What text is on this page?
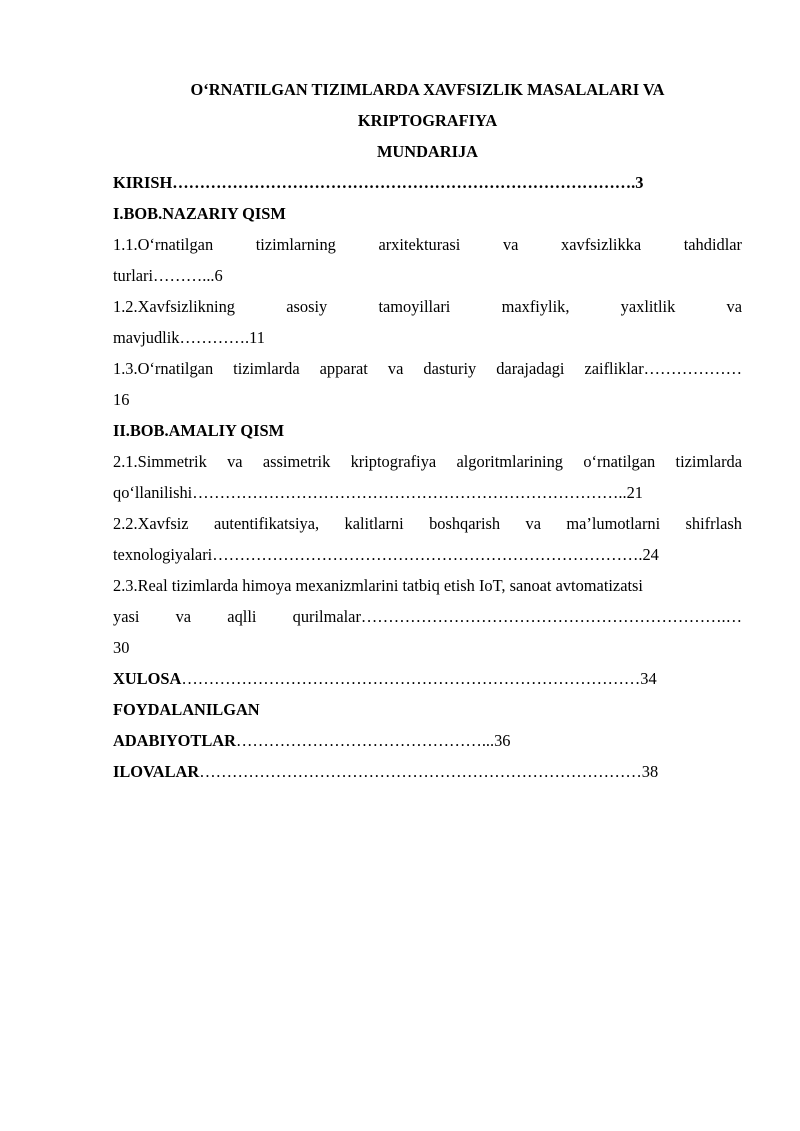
O‘RNATILGAN TIZIMLARDA XAVFSIZLIK MASALALARI VA

KRIPTOGRAFIYA

MUNDARIJA

KIRISH………………………………………………………………………….3

I.BOB.NAZARIY QISM

1.1.O‘rnatilgan tizimlarning arxitekturasi va xavfsizlikka tahdidlar

turlari………...6

1.2.Xavfsizlikning asosiy tamoyillari maxfiylik, yaxlitlik va

mavjudlik………….11

1.3.O‘rnatilgan tizimlarda apparat va dasturiy darajadagi zaifliklar………………

16

II.BOB.AMALIY QISM

2.1.Simmetrik va assimetrik kriptografiya algoritmlarining o‘rnatilgan tizimlarda

qo‘llanilishi……………………………………………………………………..21

2.2.Xavfsiz autentifikatsiya, kalitlarni boshqarish va ma’lumotlarni shifrlash

texnologiyalari…………………………………………………………………….24

2.3.Real tizimlarda himoya mexanizmlarini tatbiq etish IoT, sanoat avtomatizatsi

yasi va aqlli qurilmalar………………………………………………………….…

30

XULOSA…………………………………………………………………………34

FOYDALANILGAN

ADABIYOTLAR………………………………………...36

ILOVALAR………………………………………………………………………38
